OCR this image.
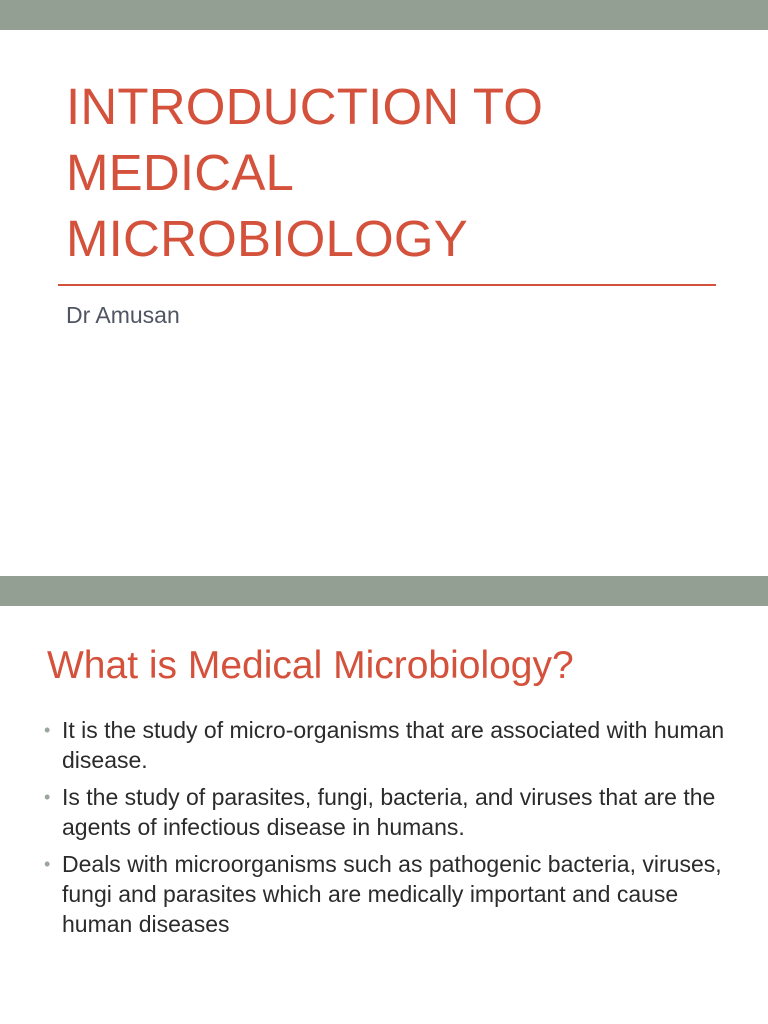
INTRODUCTION TO
MEDICAL
MICROBIOLOGY
Dr Amusan
What is Medical Microbiology?
• It is the study of micro-organisms that are associated with human disease.
• Is the study of parasites, fungi, bacteria, and viruses that are the agents of infectious disease in humans.
• Deals with microorganisms such as pathogenic bacteria, viruses, fungi and parasites which are medically important and cause human diseases
